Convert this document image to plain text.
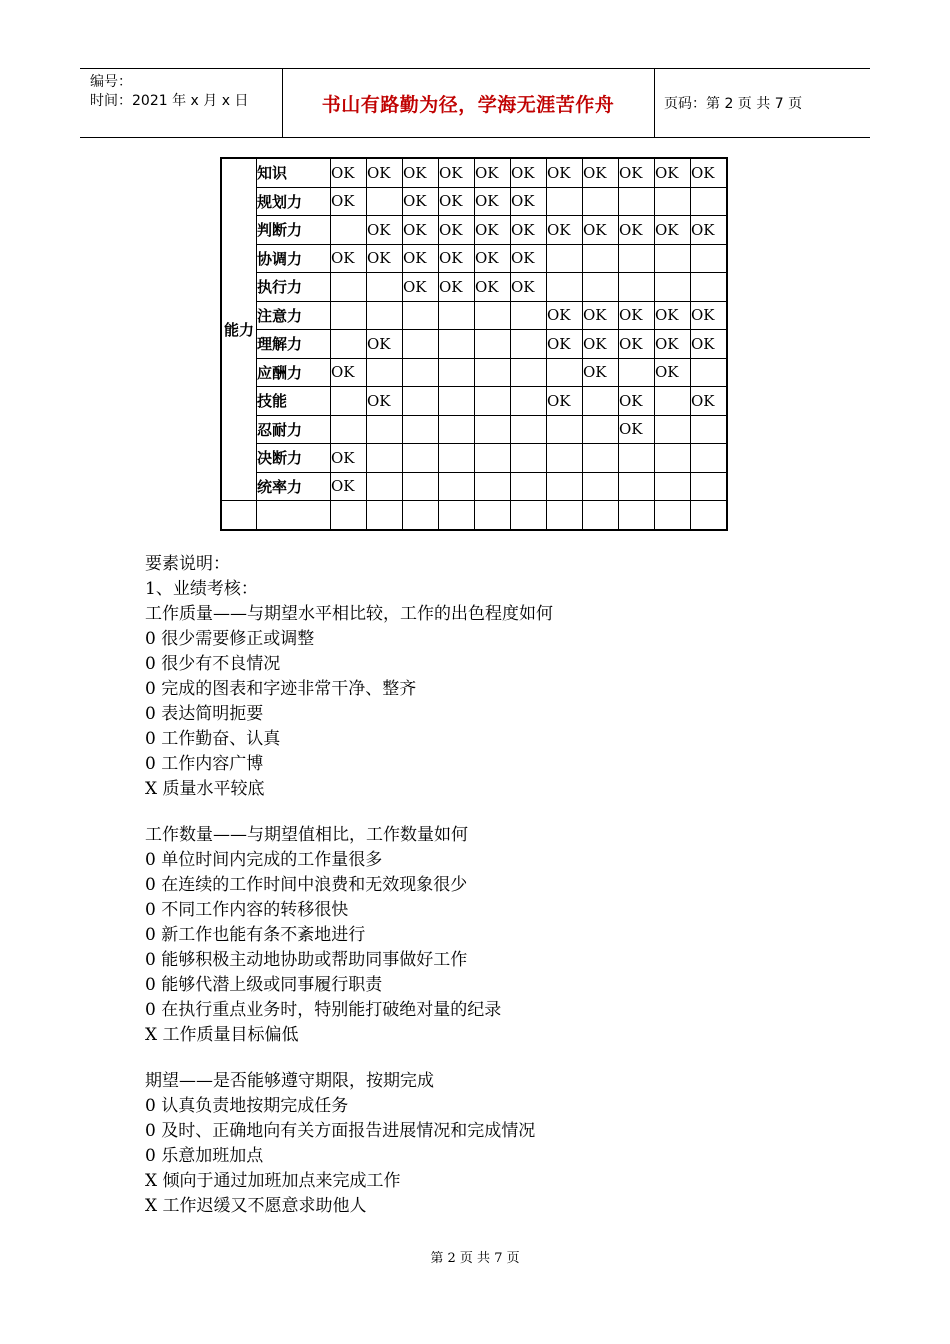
编号：
时间：2021 年 x 月 x 日	书山有路勤为径，学海无涯苦作舟	页码：第 2 页 共 7 页
能力	知识	OK	OK	OK	OK	OK	OK	OK	OK	OK	OK	OK
	规划力	OK		OK	OK	OK	OK					
	判断力		OK	OK	OK	OK	OK	OK	OK	OK	OK	OK
	协调力	OK	OK	OK	OK	OK	OK					
	执行力			OK	OK	OK	OK					
	注意力							OK	OK	OK	OK	OK
	理解力		OK					OK	OK	OK	OK	OK
	应酬力	OK							OK		OK	
	技能		OK					OK		OK		OK
	忍耐力									OK		
	决断力	OK										
	统率力	OK										

要素说明：
1、业绩考核：
工作质量——与期望水平相比较，工作的出色程度如何
0 很少需要修正或调整
0 很少有不良情况
0 完成的图表和字迹非常干净、整齐
0 表达简明扼要
0 工作勤奋、认真
0 工作内容广博
X 质量水平较底
工作数量——与期望值相比，工作数量如何
0 单位时间内完成的工作量很多
0 在连续的工作时间中浪费和无效现象很少
0 不同工作内容的转移很快
0 新工作也能有条不紊地进行
0 能够积极主动地协助或帮助同事做好工作
0 能够代潜上级或同事履行职责
0 在执行重点业务时，特别能打破绝对量的纪录
X 工作质量目标偏低
期望——是否能够遵守期限，按期完成
0 认真负责地按期完成任务
0 及时、正确地向有关方面报告进展情况和完成情况
0 乐意加班加点
X 倾向于通过加班加点来完成工作
X 工作迟缓又不愿意求助他人
第 2 页 共 7 页
